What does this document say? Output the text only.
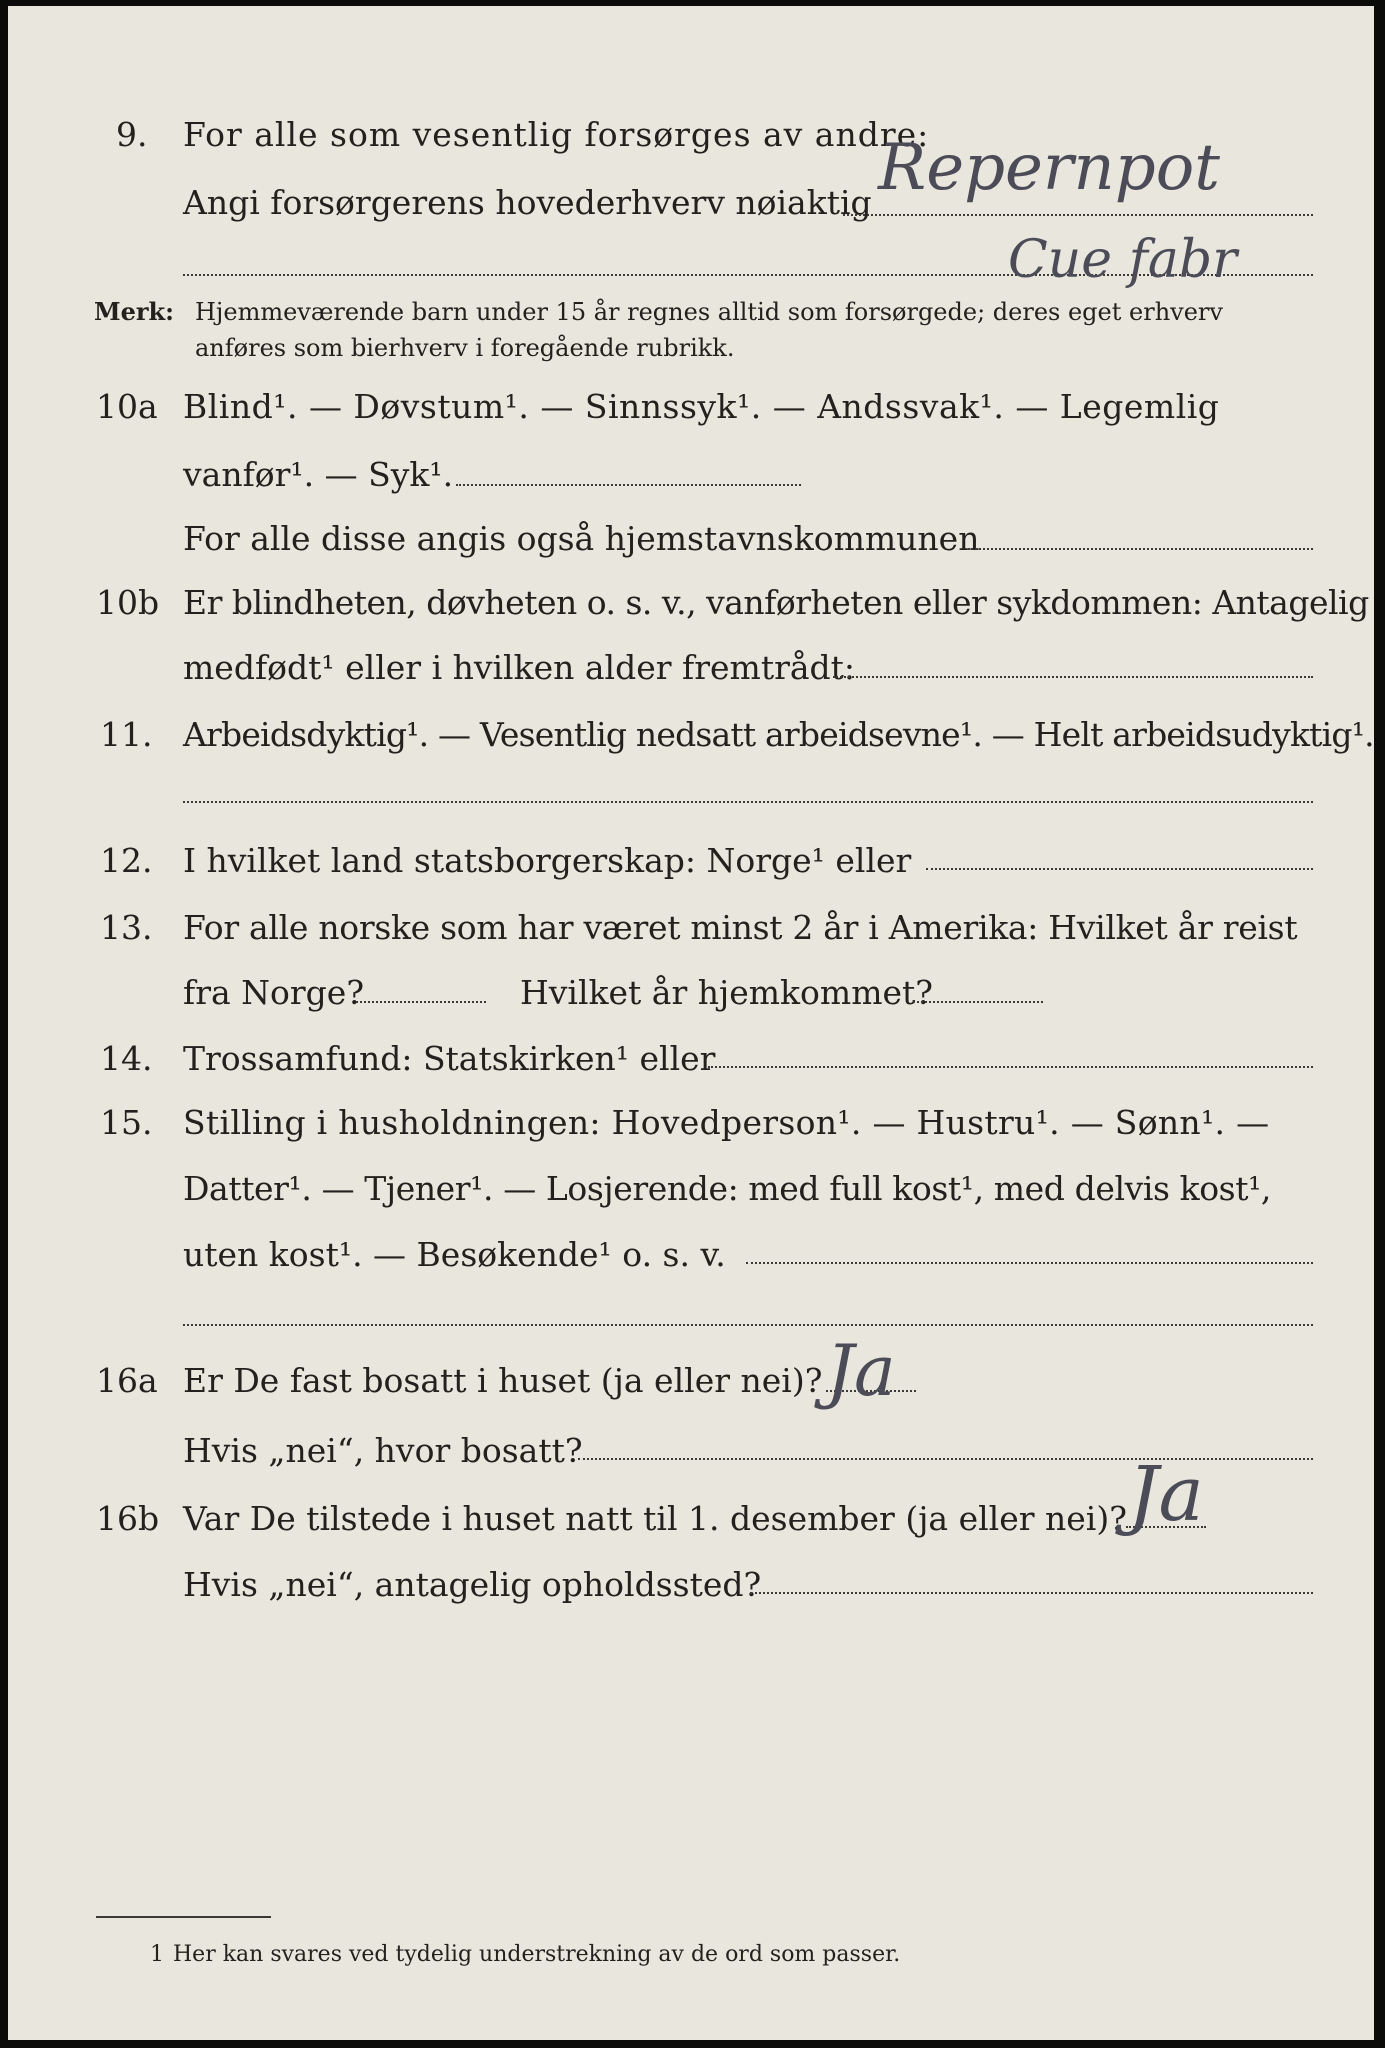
9. For alle som vesentlig forsørges av andre:
Angi forsørgerens hovederhverv nøiaktig Repernpot
Cue fabr
Merk: Hjemmeværende barn under 15 år regnes alltid som forsørgede; deres eget erhverv
anføres som bierhverv i foregående rubrikk.
10a Blind¹. — Døvstum¹. — Sinnssyk¹. — Andssvak¹. — Legemlig
vanfør¹. — Syk¹.
For alle disse angis også hjemstavnskommunen
10b Er blindheten, døvheten o. s. v., vanførheten eller sykdommen: Antagelig
medfødt¹ eller i hvilken alder fremtrådt:
11. Arbeidsdyktig¹. — Vesentlig nedsatt arbeidsevne¹. — Helt arbeidsudyktig¹.
12. I hvilket land statsborgerskap: Norge¹ eller
13. For alle norske som har været minst 2 år i Amerika: Hvilket år reist
fra Norge?	Hvilket år hjemkommet?
14. Trossamfund: Statskirken¹ eller
15. Stilling i husholdningen: Hovedperson¹. — Hustru¹. — Sønn¹. —
Datter¹. — Tjener¹. — Losjerende: med full kost¹, med delvis kost¹,
uten kost¹. — Besøkende¹ o. s. v.
16a Er De fast bosatt i huset (ja eller nei)? Ja
Hvis „nei“, hvor bosatt?
16b Var De tilstede i huset natt til 1. desember (ja eller nei)? Ja
Hvis „nei“, antagelig opholdssted?
1 Her kan svares ved tydelig understrekning av de ord som passer.
